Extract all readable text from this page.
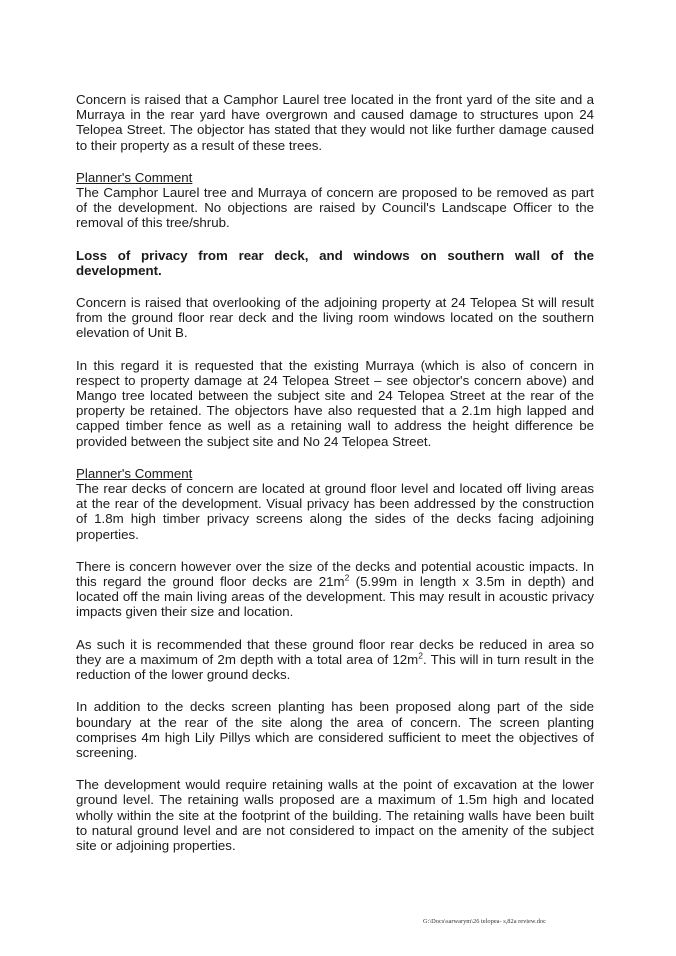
Concern is raised that a Camphor Laurel tree located in the front yard of the site and a Murraya in the rear yard have overgrown and caused damage to structures upon 24 Telopea Street. The objector has stated that they would not like further damage caused to their property as a result of these trees.

Planner's Comment

The Camphor Laurel tree and Murraya of concern are proposed to be removed as part of the development. No objections are raised by Council's Landscape Officer to the removal of this tree/shrub.

Loss of privacy from rear deck, and windows on southern wall of the development.

Concern is raised that overlooking of the adjoining property at 24 Telopea St will result from the ground floor rear deck and the living room windows located on the southern elevation of Unit B.

In this regard it is requested that the existing Murraya (which is also of concern in respect to property damage at 24 Telopea Street – see objector's concern above) and Mango tree located between the subject site and 24 Telopea Street at the rear of the property be retained. The objectors have also requested that a 2.1m high lapped and capped timber fence as well as a retaining wall to address the height difference be provided between the subject site and No 24 Telopea Street.

Planner's Comment

The rear decks of concern are located at ground floor level and located off living areas at the rear of the development. Visual privacy has been addressed by the construction of 1.8m high timber privacy screens along the sides of the decks facing adjoining properties.

There is concern however over the size of the decks and potential acoustic impacts. In this regard the ground floor decks are $21m^2$ (5.99m in length x 3.5m in depth) and located off the main living areas of the development. This may result in acoustic privacy impacts given their size and location.

As such it is recommended that these ground floor rear decks be reduced in area so they are a maximum of 2m depth with a total area of $12m^2$. This will in turn result in the reduction of the lower ground decks.

In addition to the decks screen planting has been proposed along part of the side boundary at the rear of the site along the area of concern. The screen planting comprises 4m high Lily Pillys which are considered sufficient to meet the objectives of screening.

The development would require retaining walls at the point of excavation at the lower ground level. The retaining walls proposed are a maximum of 1.5m high and located wholly within the site at the footprint of the building. The retaining walls have been built to natural ground level and are not considered to impact on the amenity of the subject site or adjoining properties.

G:\Docs\sarwarym\26 telopea- s,82a review.doc
